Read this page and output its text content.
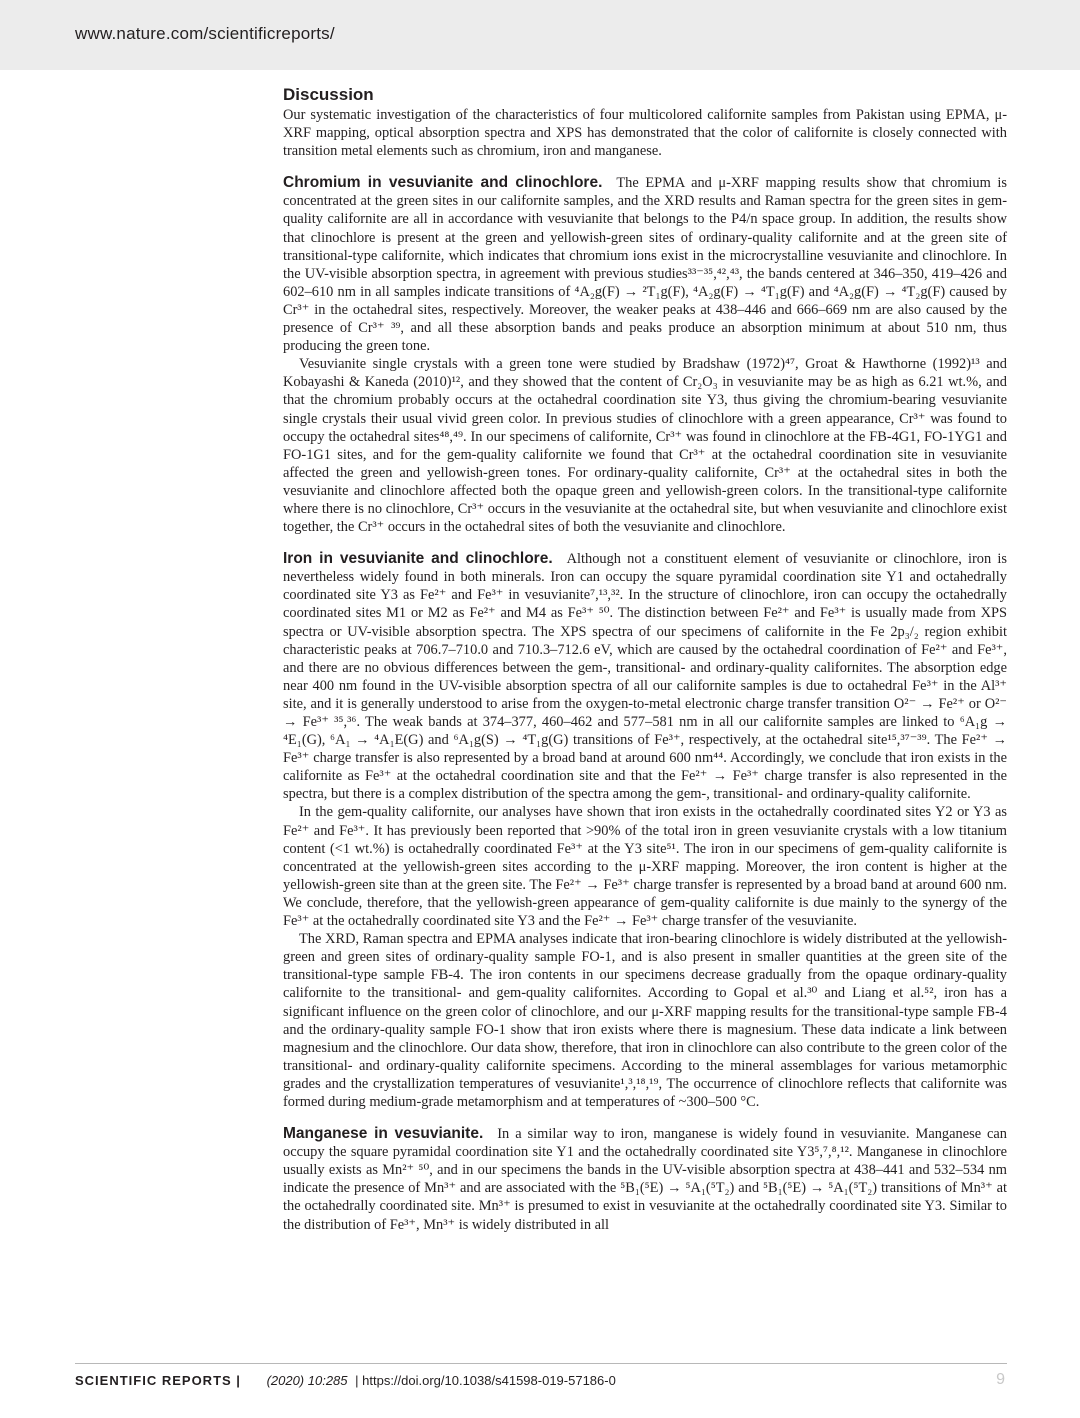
www.nature.com/scientificreports/
Discussion

Our systematic investigation of the characteristics of four multicolored californite samples from Pakistan using EPMA, μ-XRF mapping, optical absorption spectra and XPS has demonstrated that the color of californite is closely connected with transition metal elements such as chromium, iron and manganese.

Chromium in vesuvianite and clinochlore. The EPMA and μ-XRF mapping results show that chromium is concentrated at the green sites in our californite samples, and the XRD results and Raman spectra for the green sites in gem-quality californite are all in accordance with vesuvianite that belongs to the P4/n space group. In addition, the results show that clinochlore is present at the green and yellowish-green sites of ordinary-quality californite and at the green site of transitional-type californite, which indicates that chromium ions exist in the microcrystalline vesuvianite and clinochlore. In the UV-visible absorption spectra, in agreement with previous studies³³⁻³⁵,⁴²,⁴³, the bands centered at 346–350, 419–426 and 602–610 nm in all samples indicate transitions of ⁴A₂g(F) → ²T₁g(F), ⁴A₂g(F) → ⁴T₁g(F) and ⁴A₂g(F) → ⁴T₂g(F) caused by Cr³⁺ in the octahedral sites, respectively. Moreover, the weaker peaks at 438–446 and 666–669 nm are also caused by the presence of Cr³⁺ ³⁹, and all these absorption bands and peaks produce an absorption minimum at about 510 nm, thus producing the green tone.

Vesuvianite single crystals with a green tone were studied by Bradshaw (1972)⁴⁷, Groat & Hawthorne (1992)¹³ and Kobayashi & Kaneda (2010)¹², and they showed that the content of Cr₂O₃ in vesuvianite may be as high as 6.21 wt.%, and that the chromium probably occurs at the octahedral coordination site Y3, thus giving the chromium-bearing vesuvianite single crystals their usual vivid green color. In previous studies of clinochlore with a green appearance, Cr³⁺ was found to occupy the octahedral sites⁴⁸,⁴⁹. In our specimens of californite, Cr³⁺ was found in clinochlore at the FB-4G1, FO-1YG1 and FO-1G1 sites, and for the gem-quality californite we found that Cr³⁺ at the octahedral coordination site in vesuvianite affected the green and yellowish-green tones. For ordinary-quality californite, Cr³⁺ at the octahedral sites in both the vesuvianite and clinochlore affected both the opaque green and yellowish-green colors. In the transitional-type californite where there is no clinochlore, Cr³⁺ occurs in the vesuvianite at the octahedral site, but when vesuvianite and clinochlore exist together, the Cr³⁺ occurs in the octahedral sites of both the vesuvianite and clinochlore.

Iron in vesuvianite and clinochlore. Although not a constituent element of vesuvianite or clinochlore, iron is nevertheless widely found in both minerals. Iron can occupy the square pyramidal coordination site Y1 and octahedrally coordinated site Y3 as Fe²⁺ and Fe³⁺ in vesuvianite⁷,¹³,³². In the structure of clinochlore, iron can occupy the octahedrally coordinated sites M1 or M2 as Fe²⁺ and M4 as Fe³⁺ ⁵⁰. The distinction between Fe²⁺ and Fe³⁺ is usually made from XPS spectra or UV-visible absorption spectra. The XPS spectra of our specimens of californite in the Fe 2p₃/₂ region exhibit characteristic peaks at 706.7–710.0 and 710.3–712.6 eV, which are caused by the octahedral coordination of Fe²⁺ and Fe³⁺, and there are no obvious differences between the gem-, transitional- and ordinary-quality californites. The absorption edge near 400 nm found in the UV-visible absorption spectra of all our californite samples is due to octahedral Fe³⁺ in the Al³⁺ site, and it is generally understood to arise from the oxygen-to-metal electronic charge transfer transition O²⁻ → Fe²⁺ or O²⁻ → Fe³⁺ ³⁵,³⁶. The weak bands at 374–377, 460–462 and 577–581 nm in all our californite samples are linked to ⁶A₁g → ⁴E₁(G), ⁶A₁ → ⁴A₁E(G) and ⁶A₁g(S) → ⁴T₁g(G) transitions of Fe³⁺, respectively, at the octahedral site¹⁵,³⁷⁻³⁹. The Fe²⁺ → Fe³⁺ charge transfer is also represented by a broad band at around 600 nm⁴⁴. Accordingly, we conclude that iron exists in the californite as Fe³⁺ at the octahedral coordination site and that the Fe²⁺ → Fe³⁺ charge transfer is also represented in the spectra, but there is a complex distribution of the spectra among the gem-, transitional- and ordinary-quality californite.

In the gem-quality californite, our analyses have shown that iron exists in the octahedrally coordinated sites Y2 or Y3 as Fe²⁺ and Fe³⁺. It has previously been reported that >90% of the total iron in green vesuvianite crystals with a low titanium content (<1 wt.%) is octahedrally coordinated Fe³⁺ at the Y3 site⁵¹. The iron in our specimens of gem-quality californite is concentrated at the yellowish-green sites according to the μ-XRF mapping. Moreover, the iron content is higher at the yellowish-green site than at the green site. The Fe²⁺ → Fe³⁺ charge transfer is represented by a broad band at around 600 nm. We conclude, therefore, that the yellowish-green appearance of gem-quality californite is due mainly to the synergy of the Fe³⁺ at the octahedrally coordinated site Y3 and the Fe²⁺ → Fe³⁺ charge transfer of the vesuvianite.

The XRD, Raman spectra and EPMA analyses indicate that iron-bearing clinochlore is widely distributed at the yellowish-green and green sites of ordinary-quality sample FO-1, and is also present in smaller quantities at the green site of the transitional-type sample FB-4. The iron contents in our specimens decrease gradually from the opaque ordinary-quality californite to the transitional- and gem-quality californites. According to Gopal et al.³⁰ and Liang et al.⁵², iron has a significant influence on the green color of clinochlore, and our μ-XRF mapping results for the transitional-type sample FB-4 and the ordinary-quality sample FO-1 show that iron exists where there is magnesium. These data indicate a link between magnesium and the clinochlore. Our data show, therefore, that iron in clinochlore can also contribute to the green color of the transitional- and ordinary-quality californite specimens. According to the mineral assemblages for various metamorphic grades and the crystallization temperatures of vesuvianite¹,³,¹⁸,¹⁹, The occurrence of clinochlore reflects that californite was formed during medium-grade metamorphism and at temperatures of ~300–500 °C.

Manganese in vesuvianite. In a similar way to iron, manganese is widely found in vesuvianite. Manganese can occupy the square pyramidal coordination site Y1 and the octahedrally coordinated site Y3⁵,⁷,⁸,¹². Manganese in clinochlore usually exists as Mn²⁺ ⁵⁰, and in our specimens the bands in the UV-visible absorption spectra at 438–441 and 532–534 nm indicate the presence of Mn³⁺ and are associated with the ⁵B₁(⁵E) → ⁵A₁(⁵T₂) and ⁵B₁(⁵E) → ⁵A₁(⁵T₂) transitions of Mn³⁺ at the octahedrally coordinated site. Mn³⁺ is presumed to exist in vesuvianite at the octahedrally coordinated site Y3. Similar to the distribution of Fe³⁺, Mn³⁺ is widely distributed in all

SCIENTIFIC REPORTS | (2020) 10:285 | https://doi.org/10.1038/s41598-019-57186-0	9
